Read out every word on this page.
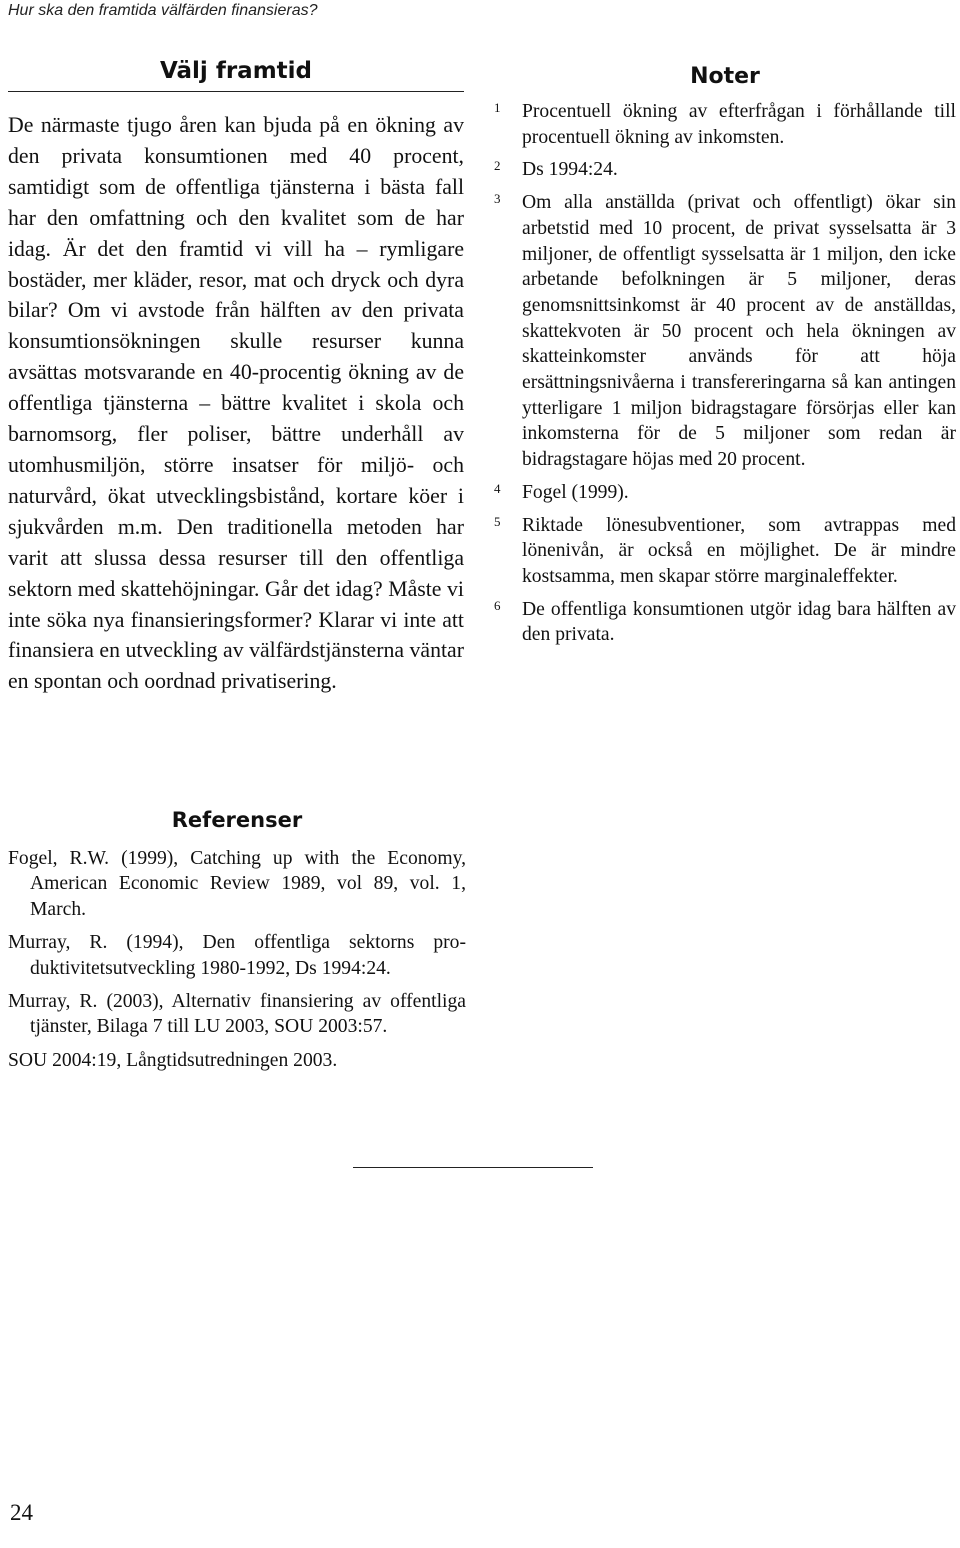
Hur ska den framtida välfärden finansieras?
Välj framtid

De närmaste tjugo åren kan bjuda på en ökning av den privata konsumtionen med 40 procent, samtidigt som de offentliga tjänsterna i bästa fall har den omfattning och den kvalitet som de har idag. Är det den framtid vi vill ha – rymligare bostäder, mer kläder, resor, mat och dryck och dyra bilar? Om vi avstode från hälften av den privata konsumtionsökningen skulle resurser kunna avsättas motsvarande en 40-procentig ökning av de offentliga tjänsterna – bättre kvalitet i skola och barnomsorg, fler poliser, bättre underhåll av utomhusmiljön, större insatser för miljö- och naturvård, ökat utvecklingsbistånd, kortare köer i sjukvården m.m. Den traditionella metoden har varit att slussa dessa resurser till den offentliga sektorn med skattehöjningar. Går det idag? Måste vi inte söka nya finansieringsformer? Klarar vi inte att finansiera en utveckling av välfärdstjänsterna väntar en spontan och oordnad privatisering.

Noter
1	Procentuell ökning av efterfrågan i förhållande till procentuell ökning av inkomsten.
2	Ds 1994:24.
3	Om alla anställda (privat och offentligt) ökar sin arbetstid med 10 procent, de privat sysselsatta är 3 miljoner, de offentligt sysselsatta är 1 miljon, den icke arbetande befolkningen är 5 miljoner, deras genomsnittsinkomst är 40 procent av de anställdas, skattekvoten är 50 procent och hela ökningen av skatteinkomster används för att höja ersättningsnivåerna i transfereringarna så kan antingen ytterligare 1 miljon bidragstagare försörjas eller kan inkomsterna för de 5 miljoner som redan är bidragstagare höjas med 20 procent.
4	Fogel (1999).
5	Riktade lönesubventioner, som avtrappas med lönenivån, är också en möjlighet. De är mindre kostsamma, men skapar större marginaleffekter.
6	De offentliga konsumtionen utgör idag bara hälften av den privata.
Referenser

Fogel, R.W. (1999), Catching up with the Economy, American Economic Review 1989, vol 89, vol. 1, March.

Murray, R. (1994), Den offentliga sektorns produktivitetsutveckling 1980-1992, Ds 1994:24.

Murray, R. (2003), Alternativ finansiering av offentliga tjänster, Bilaga 7 till LU 2003, SOU 2003:57.

SOU 2004:19, Långtidsutredningen 2003.

24
